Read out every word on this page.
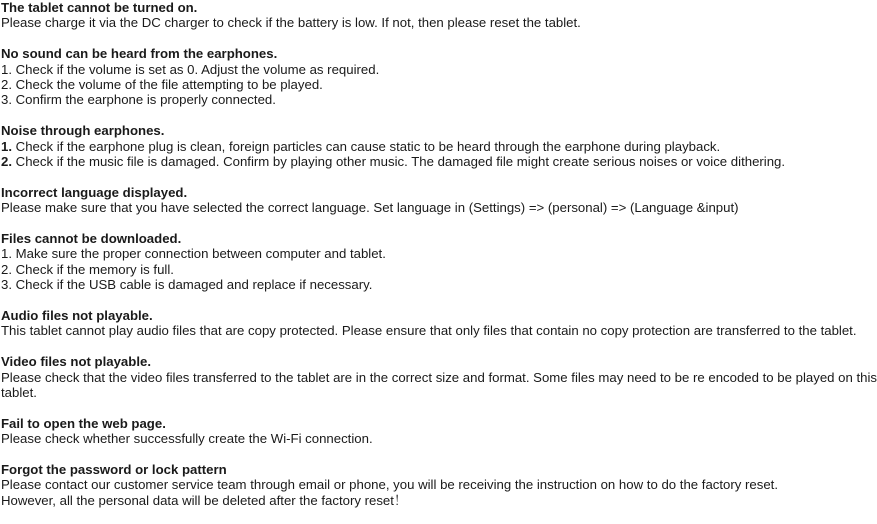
The tablet cannot be turned on.
Please charge it via the DC charger to check if the battery is low. If not, then please reset the tablet.
No sound can be heard from the earphones.
1. Check if the volume is set as 0. Adjust the volume as required.
2. Check the volume of the file attempting to be played.
3. Confirm the earphone is properly connected.
Noise through earphones.
1. Check if the earphone plug is clean, foreign particles can cause static to be heard through the earphone during playback.
2. Check if the music file is damaged. Confirm by playing other music. The damaged file might create serious noises or voice dithering.
Incorrect language displayed.
Please make sure that you have selected the correct language. Set language in (Settings) => (personal) => (Language &input)
Files cannot be downloaded.
1. Make sure the proper connection between computer and tablet.
2. Check if the memory is full.
3. Check if the USB cable is damaged and replace if necessary.
Audio files not playable.
This tablet cannot play audio files that are copy protected. Please ensure that only files that contain no copy protection are transferred to the tablet.
Video files not playable.
Please check that the video files transferred to the tablet are in the correct size and format. Some files may need to be re encoded to be played on this tablet.
Fail to open the web page.
Please check whether successfully create the Wi-Fi connection.
Forgot the password or lock pattern
Please contact our customer service team through email or phone, you will be receiving the instruction on how to do the factory reset.
However, all the personal data will be deleted after the factory reset！
